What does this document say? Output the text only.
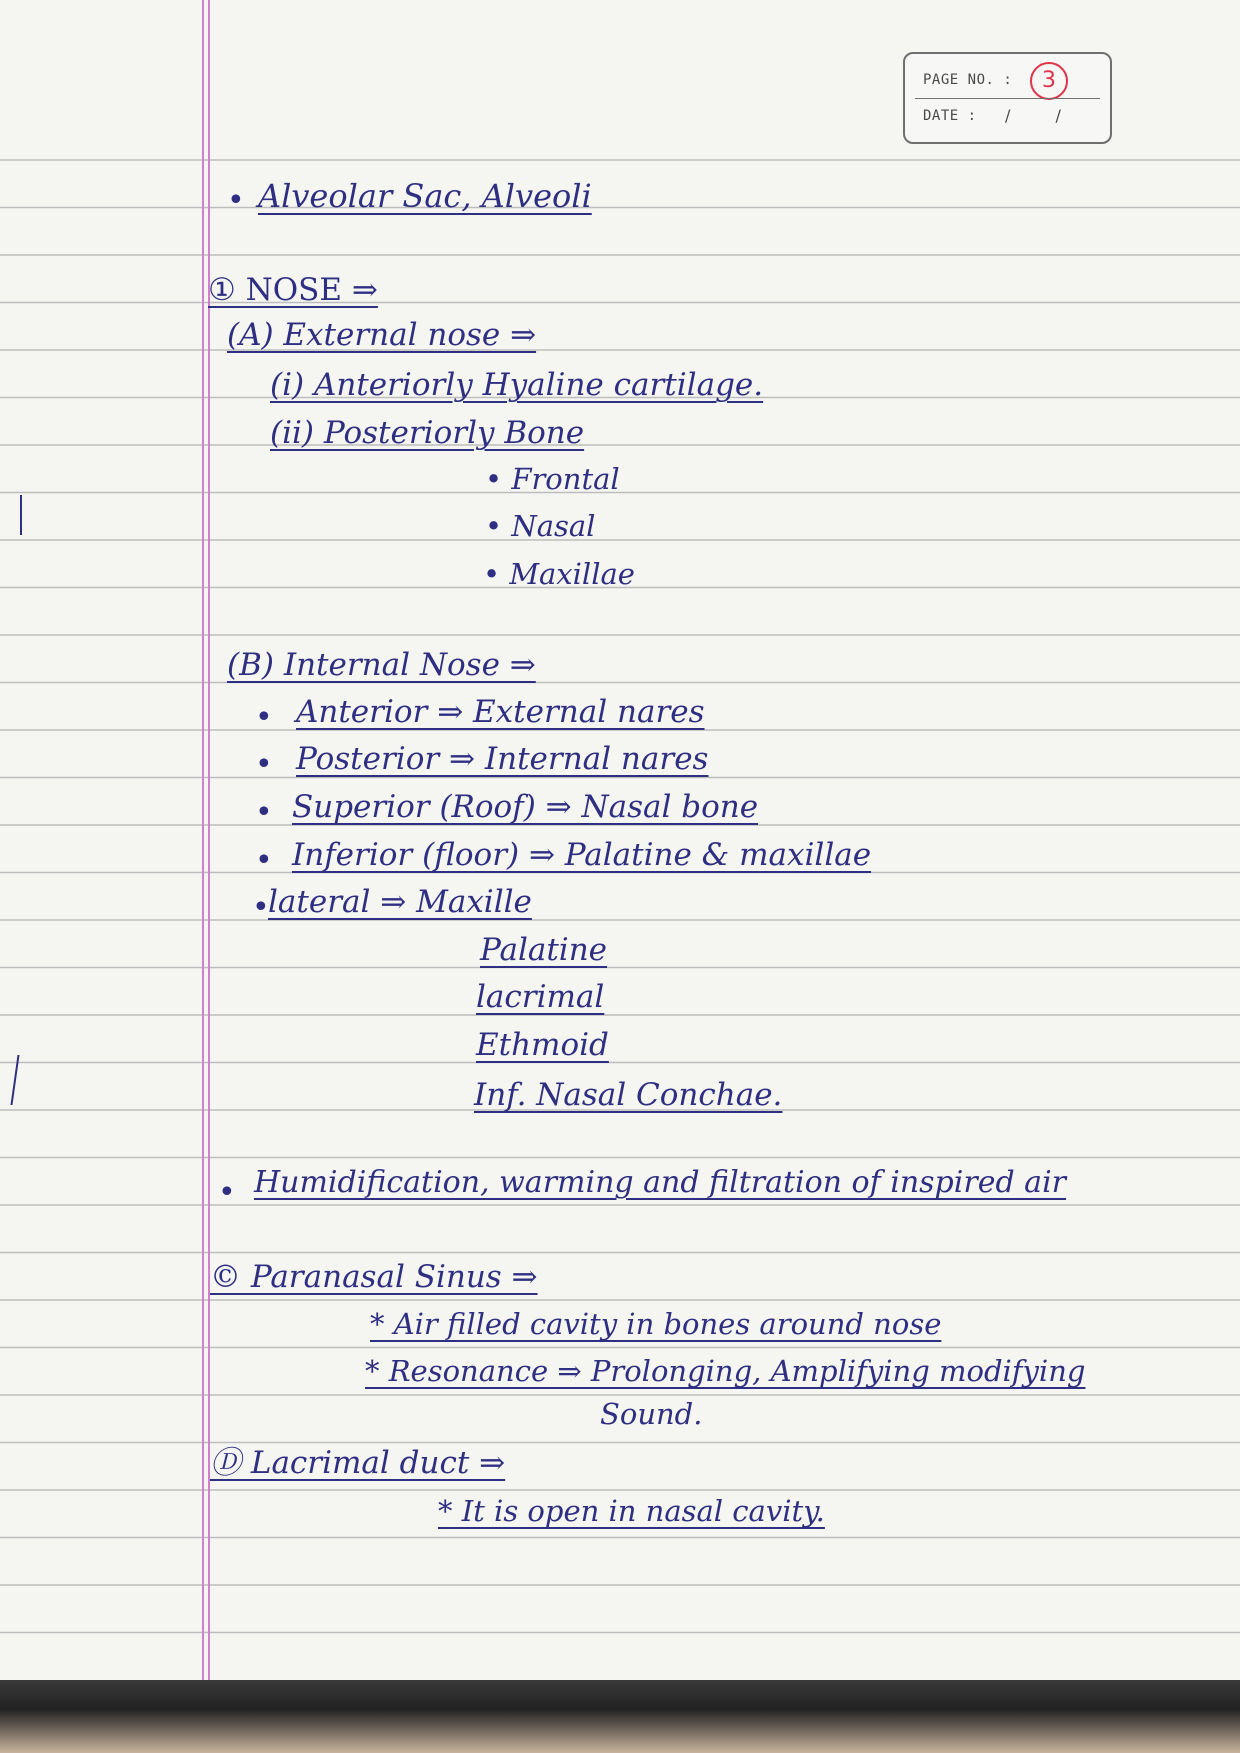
PAGE NO. :	3
DATE : / /
• Alveolar Sac, Alveoli
① NOSE ⇒
(A) External nose ⇒
(i) Anteriorly Hyaline cartilage.
(ii) Posteriorly Bone
• Frontal
• Nasal
• Maxillae
(B) Internal Nose ⇒
• Anterior ⇒ External nares
• Posterior ⇒ Internal nares
• Superior (Roof) ⇒ Nasal bone
• Inferior (floor) ⇒ Palatine & maxillae
•
lateral ⇒ Maxille
Palatine
lacrimal
Ethmoid
Inf. Nasal Conchae.
• Humidification, warming and filtration of inspired air
© Paranasal Sinus ⇒
* Air filled cavity in bones around nose
* Resonance ⇒ Prolonging, Amplifying modifying
Sound.
Ⓓ Lacrimal duct ⇒
* It is open in nasal cavity.
